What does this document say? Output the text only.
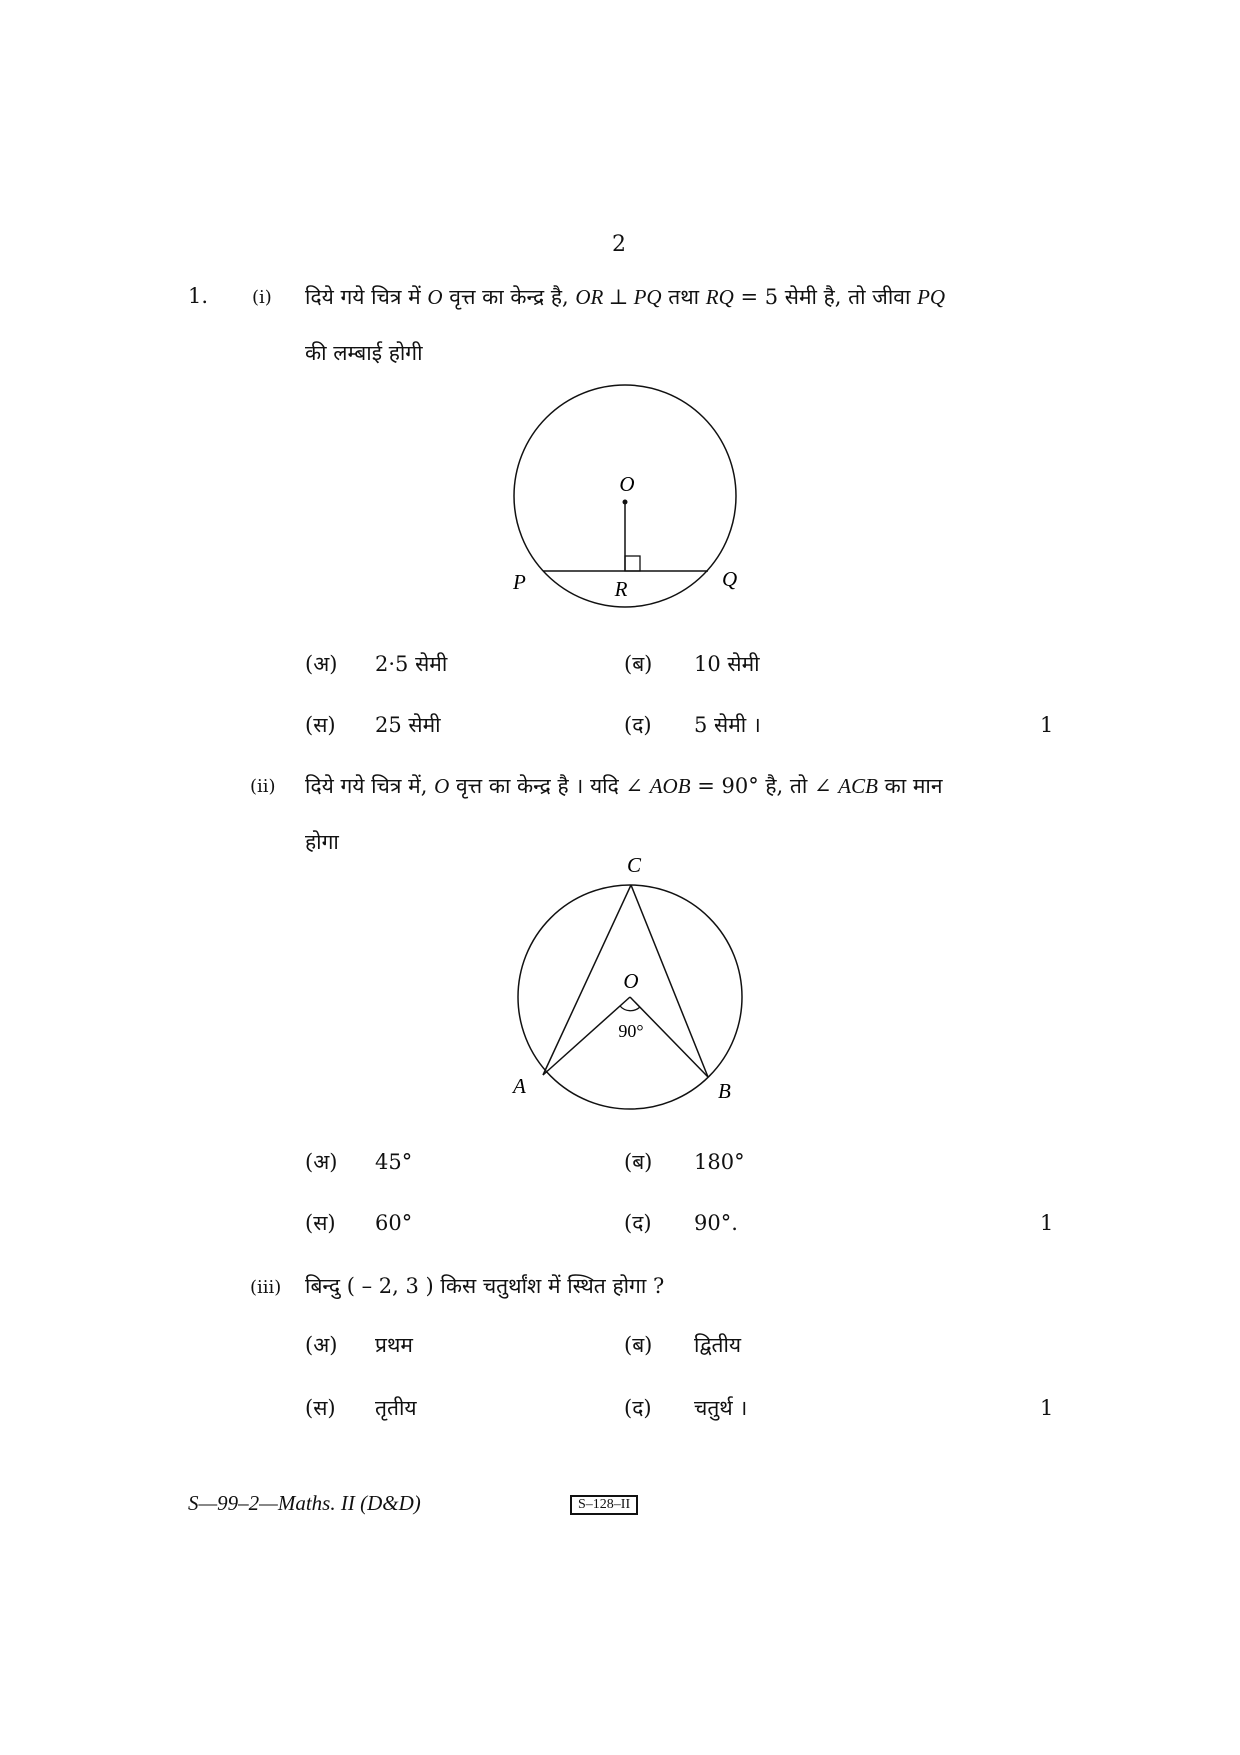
2
1. (i) दिये गये चित्र में O वृत्त का केन्द्र है, OR ⊥ PQ तथा RQ = 5 सेमी है, तो जीवा PQ
की लम्बाई होगी
O
P	Q
R
(अ) 2·5 सेमी	(ब) 10 सेमी
(स) 25 सेमी	(द) 5 सेमी ।	1
(ii) दिये गये चित्र में, O वृत्त का केन्द्र है । यदि ∠ AOB = 90° है, तो ∠ ACB का मान
होगा
C
O
90°
A	B
(अ) 45°	(ब) 180°
(स) 60°	(द) 90°.	1
(iii) बिन्दु ( – 2, 3 ) किस चतुर्थांश में स्थित होगा ?
(अ) प्रथम	(ब) द्वितीय
(स) तृतीय	(द) चतुर्थ ।	1
S—99–2—Maths. II (D&D)	S–128–II
